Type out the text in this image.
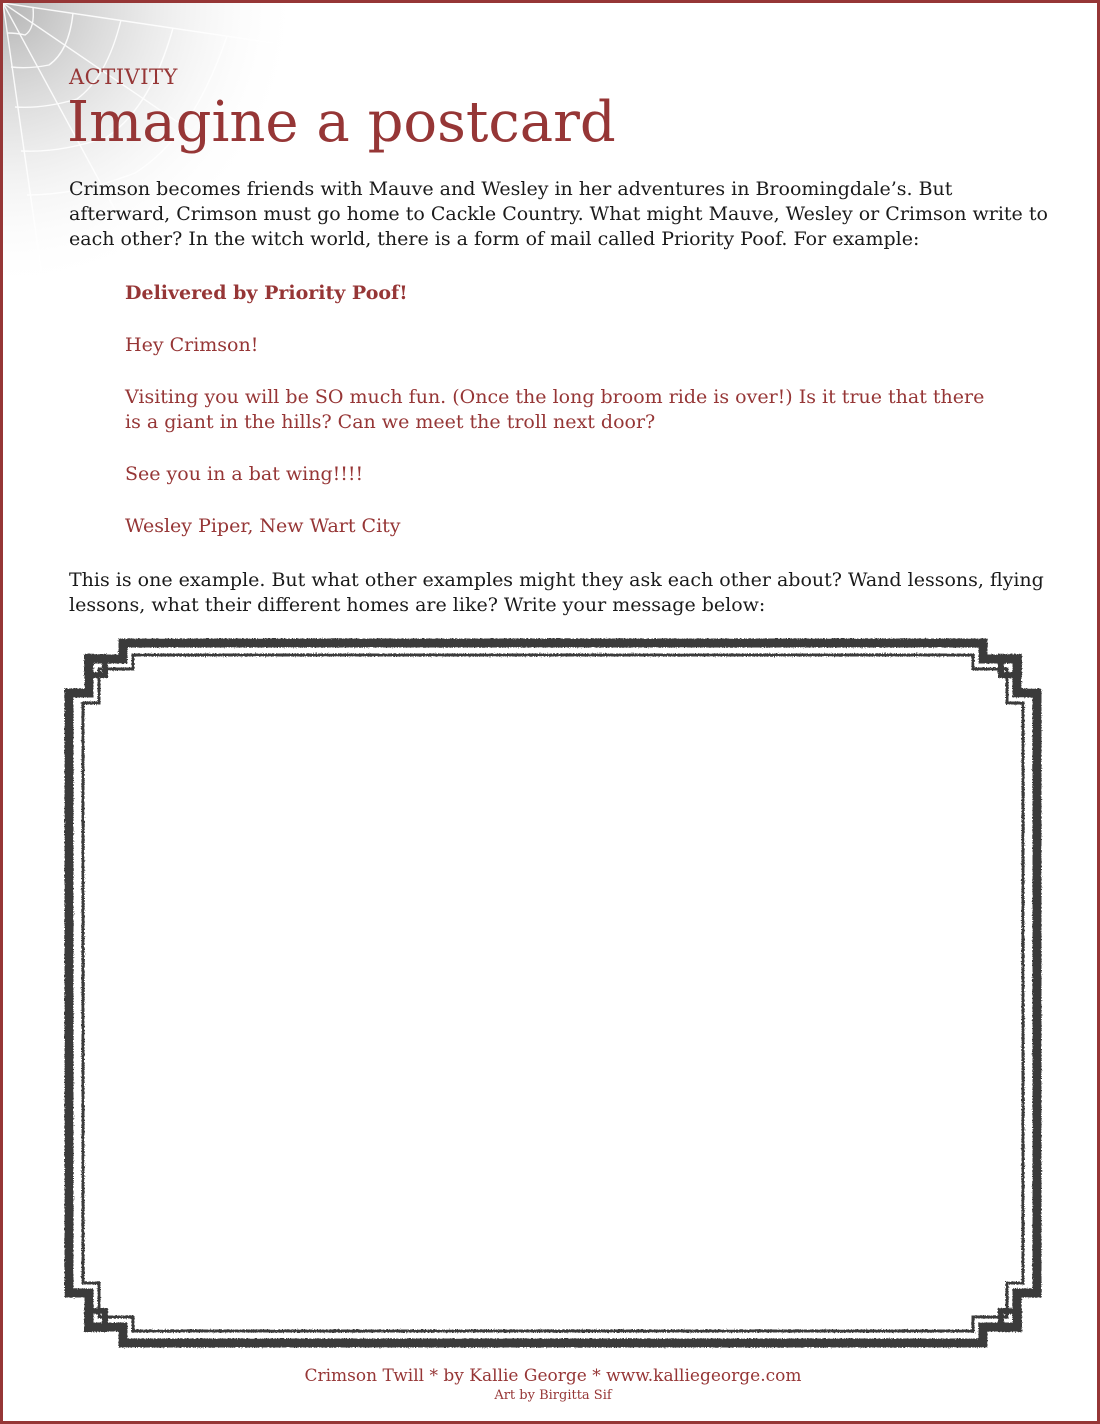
ACTIVITY
Imagine a postcard

Crimson becomes friends with Mauve and Wesley in her adventures in Broomingdale’s. But afterward, Crimson must go home to Cackle Country. What might Mauve, Wesley or Crimson write to each other? In the witch world, there is a form of mail called Priority Poof. For example:

Delivered by Priority Poof!

Hey Crimson!

Visiting you will be SO much fun. (Once the long broom ride is over!) Is it true that there is a giant in the hills? Can we meet the troll next door?

See you in a bat wing!!!!

Wesley Piper, New Wart City

This is one example. But what other examples might they ask each other about? Wand lessons, flying lessons, what their different homes are like? Write your message below:

Crimson Twill * by Kallie George * www.kalliegeorge.com
Art by Birgitta Sif
